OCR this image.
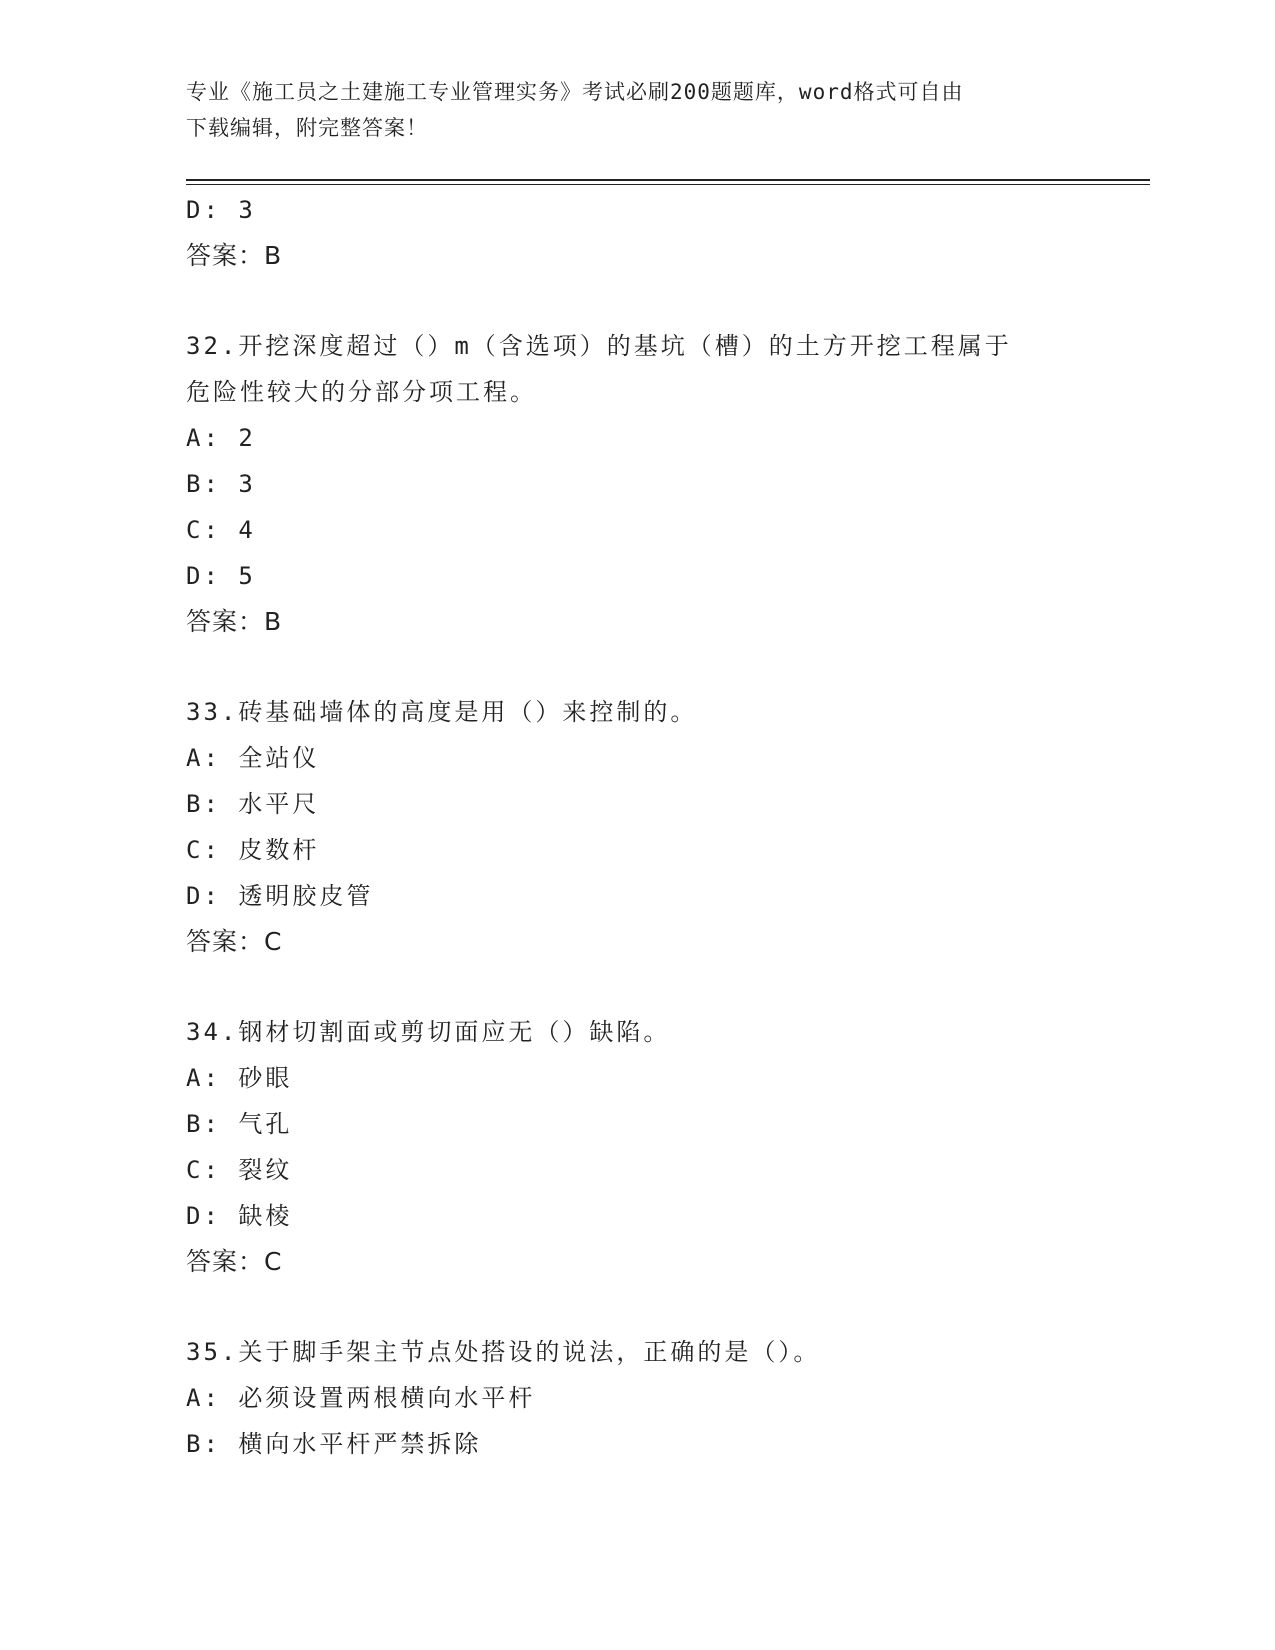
专业《施工员之土建施工专业管理实务》考试必刷200题题库，word格式可自由
下载编辑，附完整答案！
D: 3
答案：B
32.开挖深度超过（）m（含选项）的基坑（槽）的土方开挖工程属于
危险性较大的分部分项工程。
A: 2
B: 3
C: 4
D: 5
答案：B
33.砖基础墙体的高度是用（）来控制的。
A: 全站仪
B: 水平尺
C: 皮数杆
D: 透明胶皮管
答案：C
34.钢材切割面或剪切面应无（）缺陷。
A: 砂眼
B: 气孔
C: 裂纹
D: 缺棱
答案：C
35.关于脚手架主节点处搭设的说法，正确的是（）。
A: 必须设置两根横向水平杆
B: 横向水平杆严禁拆除
